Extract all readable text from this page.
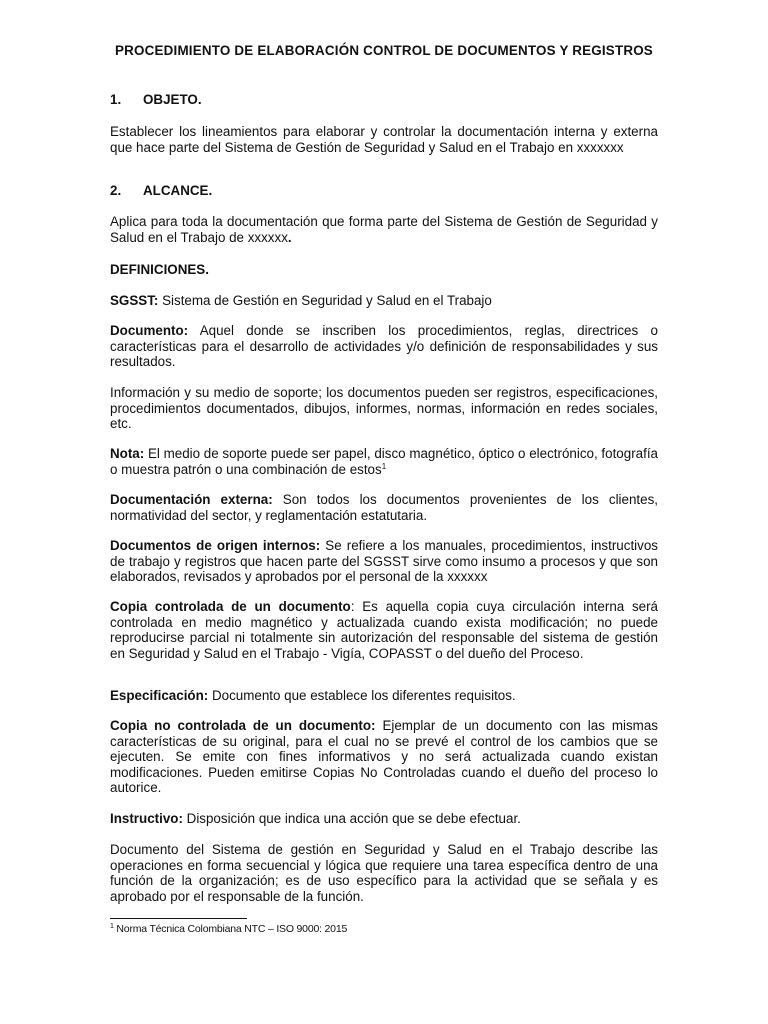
PROCEDIMIENTO DE ELABORACIÓN CONTROL DE DOCUMENTOS Y REGISTROS
1. OBJETO.
Establecer los lineamientos para elaborar y controlar la documentación interna y externa que hace parte del Sistema de Gestión de Seguridad y Salud en el Trabajo en xxxxxxx
2. ALCANCE.
Aplica para toda la documentación que forma parte del Sistema de Gestión de Seguridad y Salud en el Trabajo de xxxxxx.
DEFINICIONES.
SGSST: Sistema de Gestión en Seguridad y Salud en el Trabajo
Documento: Aquel donde se inscriben los procedimientos, reglas, directrices o características para el desarrollo de actividades y/o definición de responsabilidades y sus resultados.
Información y su medio de soporte; los documentos pueden ser registros, especificaciones, procedimientos documentados, dibujos, informes, normas, información en redes sociales, etc.
Nota: El medio de soporte puede ser papel, disco magnético, óptico o electrónico, fotografía o muestra patrón o una combinación de estos$^1$
Documentación externa: Son todos los documentos provenientes de los clientes, normatividad del sector, y reglamentación estatutaria.
Documentos de origen internos: Se refiere a los manuales, procedimientos, instructivos de trabajo y registros que hacen parte del SGSST sirve como insumo a procesos y que son elaborados, revisados y aprobados por el personal de la xxxxxx
Copia controlada de un documento: Es aquella copia cuya circulación interna será controlada en medio magnético y actualizada cuando exista modificación; no puede reproducirse parcial ni totalmente sin autorización del responsable del sistema de gestión en Seguridad y Salud en el Trabajo - Vigía, COPASST o del dueño del Proceso.
Especificación: Documento que establece los diferentes requisitos.
Copia no controlada de un documento: Ejemplar de un documento con las mismas características de su original, para el cual no se prevé el control de los cambios que se ejecuten. Se emite con fines informativos y no será actualizada cuando existan modificaciones. Pueden emitirse Copias No Controladas cuando el dueño del proceso lo autorice.
Instructivo: Disposición que indica una acción que se debe efectuar.
Documento del Sistema de gestión en Seguridad y Salud en el Trabajo describe las operaciones en forma secuencial y lógica que requiere una tarea específica dentro de una función de la organización; es de uso específico para la actividad que se señala y es aprobado por el responsable de la función.
$^1$ Norma Técnica Colombiana NTC – ISO 9000: 2015
